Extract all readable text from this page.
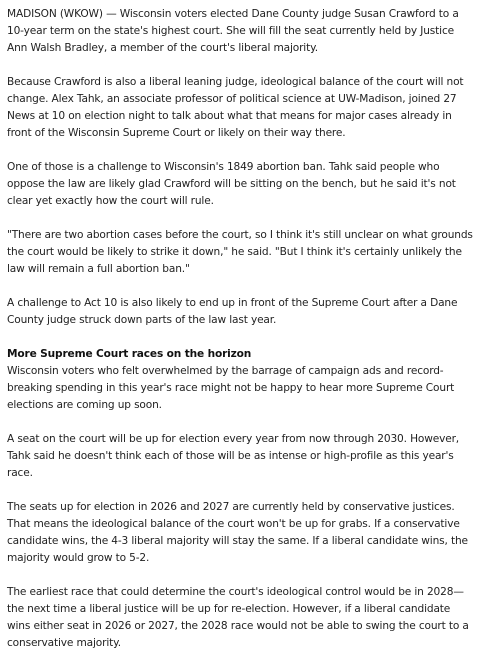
MADISON (WKOW) — Wisconsin voters elected Dane County judge Susan Crawford to a 10-year term on the state's highest court. She will fill the seat currently held by Justice Ann Walsh Bradley, a member of the court's liberal majority.

Because Crawford is also a liberal leaning judge, ideological balance of the court will not change. Alex Tahk, an associate professor of political science at UW-Madison, joined 27 News at 10 on election night to talk about what that means for major cases already in front of the Wisconsin Supreme Court or likely on their way there.

One of those is a challenge to Wisconsin's 1849 abortion ban. Tahk said people who oppose the law are likely glad Crawford will be sitting on the bench, but he said it's not clear yet exactly how the court will rule.

"There are two abortion cases before the court, so I think it's still unclear on what grounds the court would be likely to strike it down," he said. "But I think it's certainly unlikely the law will remain a full abortion ban."

A challenge to Act 10 is also likely to end up in front of the Supreme Court after a Dane County judge struck down parts of the law last year.

More Supreme Court races on the horizon

Wisconsin voters who felt overwhelmed by the barrage of campaign ads and record-breaking spending in this year's race might not be happy to hear more Supreme Court elections are coming up soon.

A seat on the court will be up for election every year from now through 2030. However, Tahk said he doesn't think each of those will be as intense or high-profile as this year's race.

The seats up for election in 2026 and 2027 are currently held by conservative justices. That means the ideological balance of the court won't be up for grabs. If a conservative candidate wins, the 4-3 liberal majority will stay the same. If a liberal candidate wins, the majority would grow to 5-2.

The earliest race that could determine the court's ideological control would be in 2028—the next time a liberal justice will be up for re-election. However, if a liberal candidate wins either seat in 2026 or 2027, the 2028 race would not be able to swing the court to a conservative majority.
